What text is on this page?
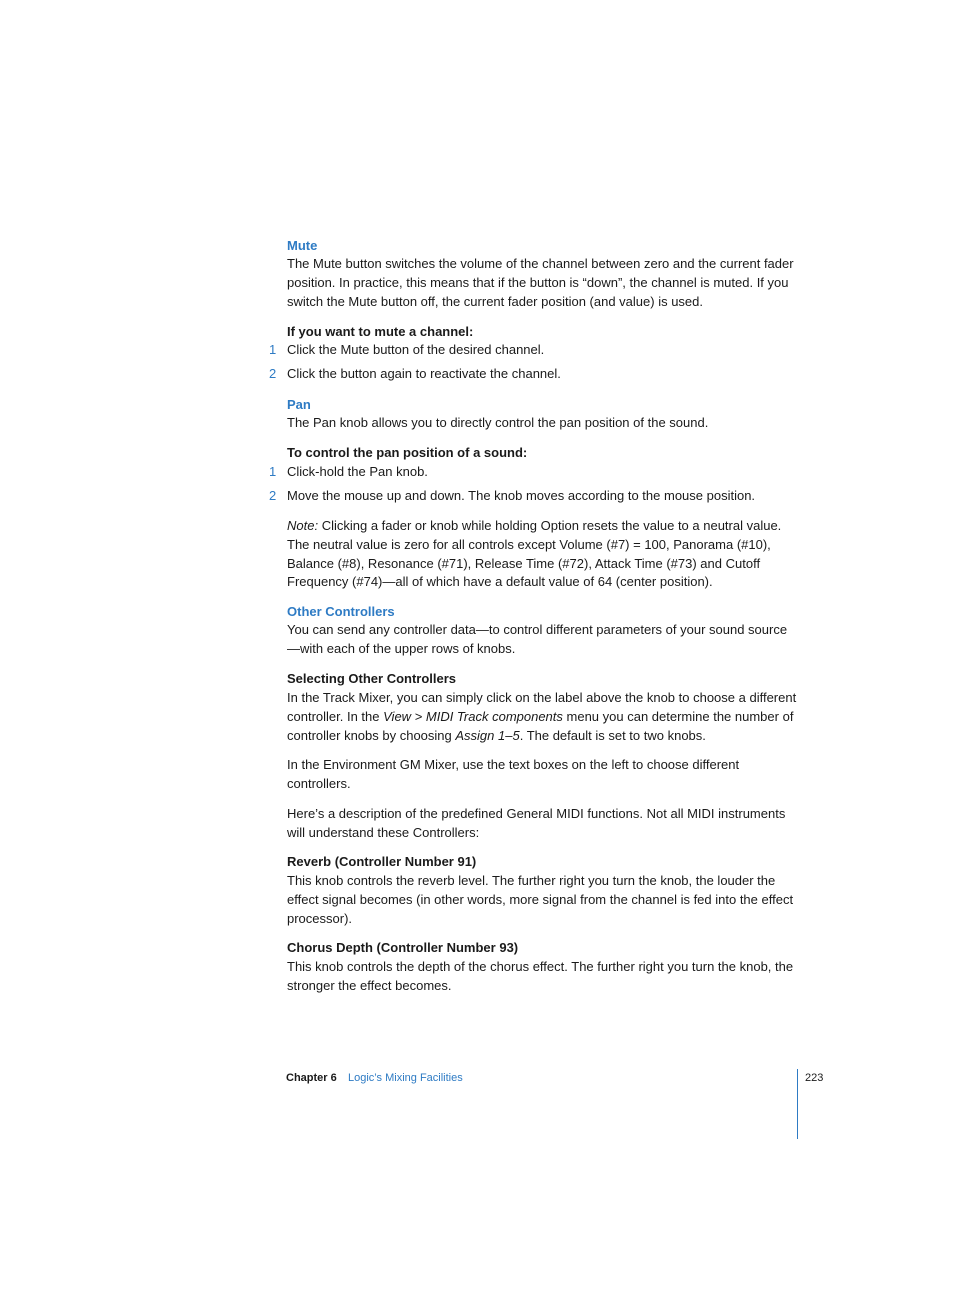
Mute

The Mute button switches the volume of the channel between zero and the current fader position. In practice, this means that if the button is “down”, the channel is muted. If you switch the Mute button off, the current fader position (and value) is used.

If you want to mute a channel:
1 Click the Mute button of the desired channel.
2 Click the button again to reactivate the channel.
Pan

The Pan knob allows you to directly control the pan position of the sound.

To control the pan position of a sound:
1 Click-hold the Pan knob.
2 Move the mouse up and down. The knob moves according to the mouse position.

Note: Clicking a fader or knob while holding Option resets the value to a neutral value. The neutral value is zero for all controls except Volume (#7) = 100, Panorama (#10), Balance (#8), Resonance (#71), Release Time (#72), Attack Time (#73) and Cutoff Frequency (#74)—all of which have a default value of 64 (center position).

Other Controllers

You can send any controller data—to control different parameters of your sound source—with each of the upper rows of knobs.

Selecting Other Controllers

In the Track Mixer, you can simply click on the label above the knob to choose a different controller. In the View > MIDI Track components menu you can determine the number of controller knobs by choosing Assign 1–5. The default is set to two knobs.

In the Environment GM Mixer, use the text boxes on the left to choose different controllers.

Here’s a description of the predefined General MIDI functions. Not all MIDI instruments will understand these Controllers:

Reverb (Controller Number 91)

This knob controls the reverb level. The further right you turn the knob, the louder the effect signal becomes (in other words, more signal from the channel is fed into the effect processor).

Chorus Depth (Controller Number 93)

This knob controls the depth of the chorus effect. The further right you turn the knob, the stronger the effect becomes.

Chapter 6 Logic’s Mixing Facilities	223
